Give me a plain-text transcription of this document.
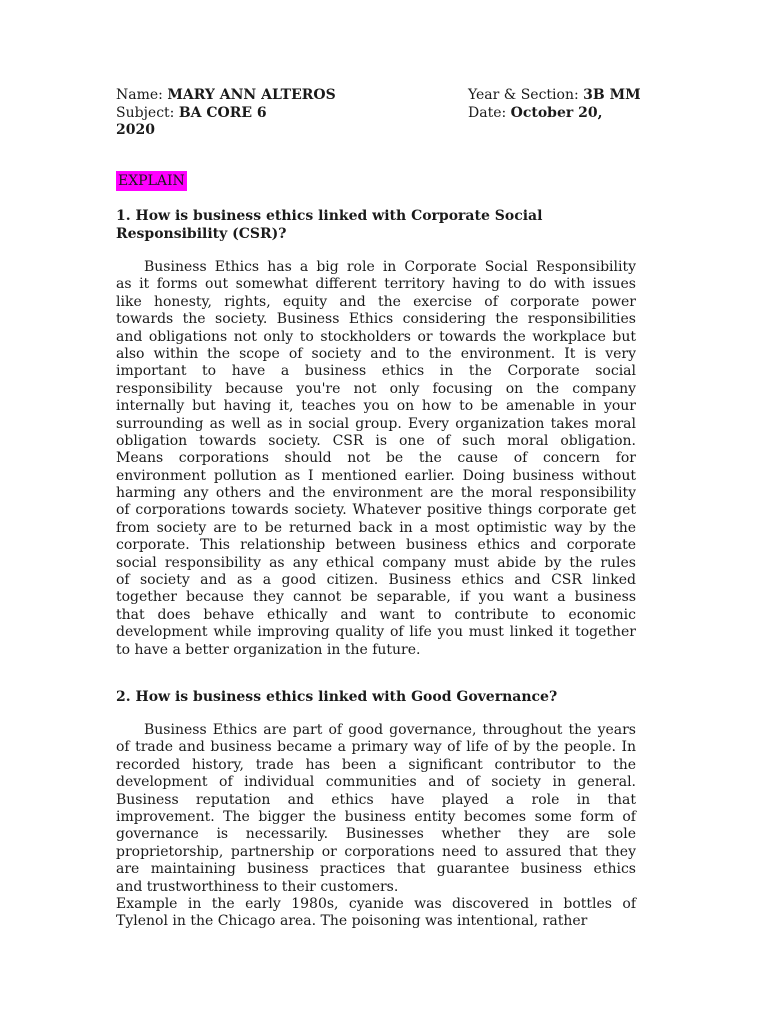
Name: MARY ANN ALTEROS	Year & Section: 3B MM
Subject: BA CORE 6	Date: October 20,
2020
EXPLAIN
1. How is business ethics linked with Corporate Social
Responsibility (CSR)?
Business Ethics has a big role in Corporate Social Responsibility
as it forms out somewhat different territory having to do with issues
like honesty, rights, equity and the exercise of corporate power
towards the society. Business Ethics considering the responsibilities
and obligations not only to stockholders or towards the workplace but
also within the scope of society and to the environment. It is very
important to have a business ethics in the Corporate social
responsibility because you're not only focusing on the company
internally but having it, teaches you on how to be amenable in your
surrounding as well as in social group. Every organization takes moral
obligation towards society. CSR is one of such moral obligation.
Means corporations should not be the cause of concern for
environment pollution as I mentioned earlier. Doing business without
harming any others and the environment are the moral responsibility
of corporations towards society. Whatever positive things corporate get
from society are to be returned back in a most optimistic way by the
corporate. This relationship between business ethics and corporate
social responsibility as any ethical company must abide by the rules
of society and as a good citizen. Business ethics and CSR linked
together because they cannot be separable, if you want a business
that does behave ethically and want to contribute to economic
development while improving quality of life you must linked it together
to have a better organization in the future.
2. How is business ethics linked with Good Governance?
Business Ethics are part of good governance, throughout the years
of trade and business became a primary way of life of by the people. In
recorded history, trade has been a significant contributor to the
development of individual communities and of society in general.
Business reputation and ethics have played a role in that
improvement. The bigger the business entity becomes some form of
governance is necessarily. Businesses whether they are sole
proprietorship, partnership or corporations need to assured that they
are maintaining business practices that guarantee business ethics
and trustworthiness to their customers.
Example in the early 1980s, cyanide was discovered in bottles of
Tylenol in the Chicago area. The poisoning was intentional, rather
